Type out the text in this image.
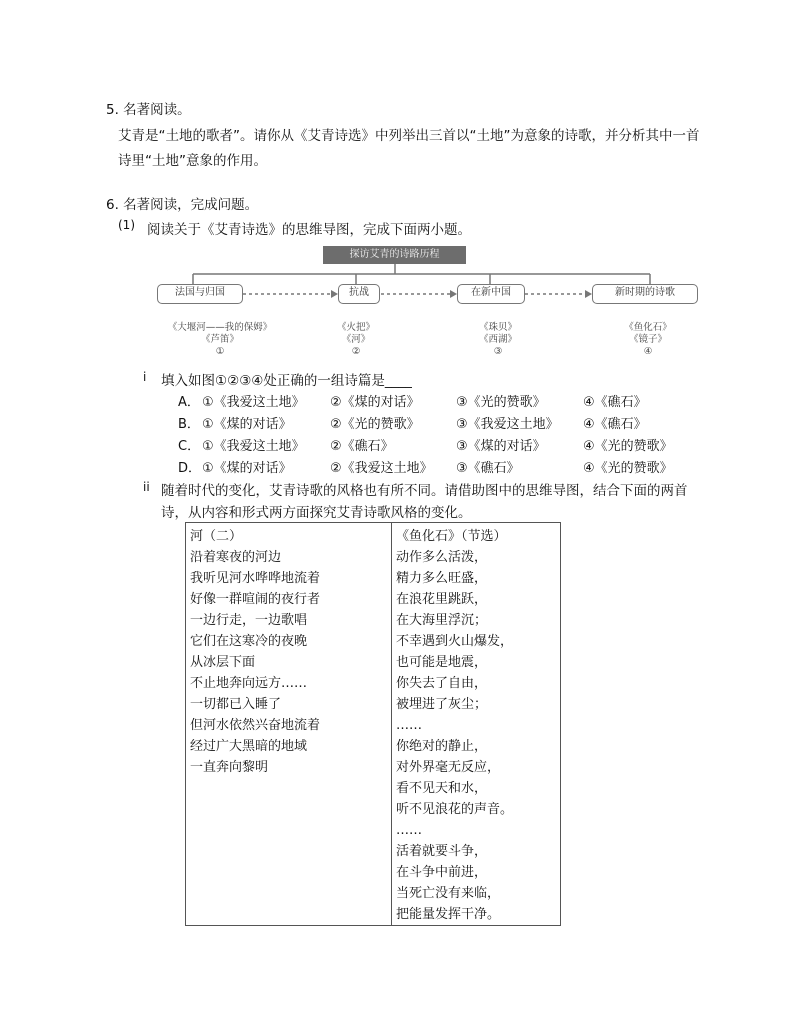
5. 名著阅读。
艾青是“土地的歌者”。请你从《艾青诗选》中列举出三首以“土地”为意象的诗歌，并分析其中一首
诗里“土地”意象的作用。
6. 名著阅读，完成问题。
(1) 阅读关于《艾青诗选》的思维导图，完成下面两小题。
探访艾青的诗路历程
法国与归国	抗战	在新中国	新时期的诗歌
《大堰河——我的保姆》
《芦笛》
①
《火把》
《河》
②
《珠贝》
《西湖》
③
《鱼化石》
《镜子》
④
i 填入如图①②③④处正确的一组诗篇是____
A． ①《我爱这土地》 ②《煤的对话》	③《光的赞歌》	④《礁石》
B． ①《煤的对话》	②《光的赞歌》	③《我爱这土地》 ④《礁石》
C． ①《我爱这土地》 ②《礁石》	③《煤的对话》	④《光的赞歌》
D． ①《煤的对话》	②《我爱这土地》 ③《礁石》	④《光的赞歌》
ii 随着时代的变化，艾青诗歌的风格也有所不同。请借助图中的思维导图，结合下面的两首
诗，从内容和形式两方面探究艾青诗歌风格的变化。
河（二）
沿着寒夜的河边
我听见河水哗哗地流着
好像一群喧闹的夜行者
一边行走，一边歌唱
它们在这寒冷的夜晚
从冰层下面
不止地奔向远方……
一切都已入睡了
但河水依然兴奋地流着
经过广大黑暗的地域
一直奔向黎明

《鱼化石》（节选）
动作多么活泼，
精力多么旺盛，
在浪花里跳跃，
在大海里浮沉；
不幸遇到火山爆发，
也可能是地震，
你失去了自由，
被埋进了灰尘；
……
你绝对的静止，
对外界毫无反应，
看不见天和水，
听不见浪花的声音。
……
活着就要斗争，
在斗争中前进，
当死亡没有来临，
把能量发挥干净。
